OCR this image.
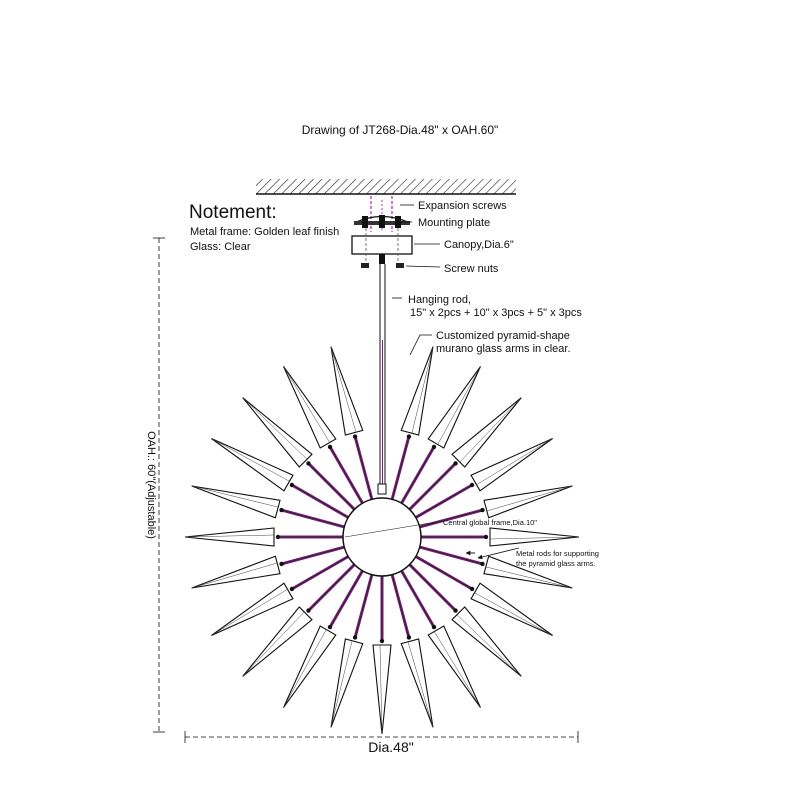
Drawing of JT268-Dia.48" x OAH.60"
Notement:
Metal frame: Golden leaf finish
Glass: Clear
Expansion screws
Mounting plate
Canopy,Dia.6"
Screw nuts
Hanging rod,
15" x 2pcs + 10" x 3pcs + 5" x 3pcs
Customized pyramid-shape
murano glass arms in clear.
Central global frame,Dia.10"
Metal rods for supporting
the pyramid glass arms.
OAH.: 60"(Adjustable)
Dia.48"
